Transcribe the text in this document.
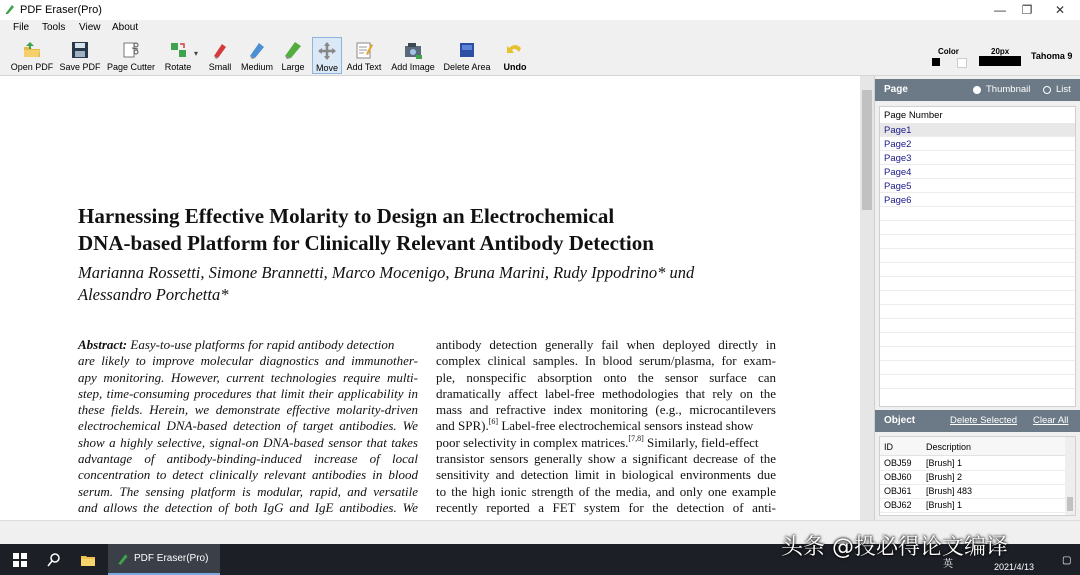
PDF Eraser(Pro)	—	❐	✕
File Tools View About
Open PDF Save PDF Page Cutter	Rotate
▾
Small	Medium Large	Move Add Text	Add Image Delete Area	Undo
Color	20px Tahoma 9
Harnessing Effective Molarity to Design an Electrochemical
DNA-based Platform for Clinically Relevant Antibody Detection
Marianna Rossetti, Simone Brannetti, Marco Mocenigo, Bruna Marini, Rudy Ippodrino* und
Alessandro Porchetta*
Abstract: Easy-to-use platforms for rapid antibody detection
are likely to improve molecular diagnostics and immunother-
apy monitoring. However, current technologies require multi-
step, time-consuming procedures that limit their applicability in
these fields. Herein, we demonstrate effective molarity-driven
electrochemical DNA-based detection of target antibodies. We
show a highly selective, signal-on DNA-based sensor that takes
advantage of antibody-binding-induced increase of local
concentration to detect clinically relevant antibodies in blood
serum. The sensing platform is modular, rapid, and versatile
and allows the detection of both IgG and IgE antibodies. We
antibody detection generally fail when deployed directly in
complex clinical samples. In blood serum/plasma, for exam-
ple, nonspecific absorption onto the sensor surface can
dramatically affect label-free methodologies that rely on the
mass and refractive index monitoring (e.g., microcantilevers
and SPR).[6] Label-free electrochemical sensors instead show
poor selectivity in complex matrices.[7,8] Similarly, field-effect
transistor sensors generally show a significant decrease of the
sensitivity and detection limit in biological environments due
to the high ionic strength of the media, and only one example
recently reported a FET system for the detection of anti-
Page	Thumbnail	List
Page Number
Page1
Page2
Page3
Page4
Page5
Page6
Object	Delete Selected Clear All
ID	Description
OBJ59 [Brush] 1
OBJ60 [Brush] 2
OBJ61 [Brush] 483
OBJ62 [Brush] 1
PDF Eraser(Pro)
英	2021/4/13
▢
头条 @投必得论文编译
